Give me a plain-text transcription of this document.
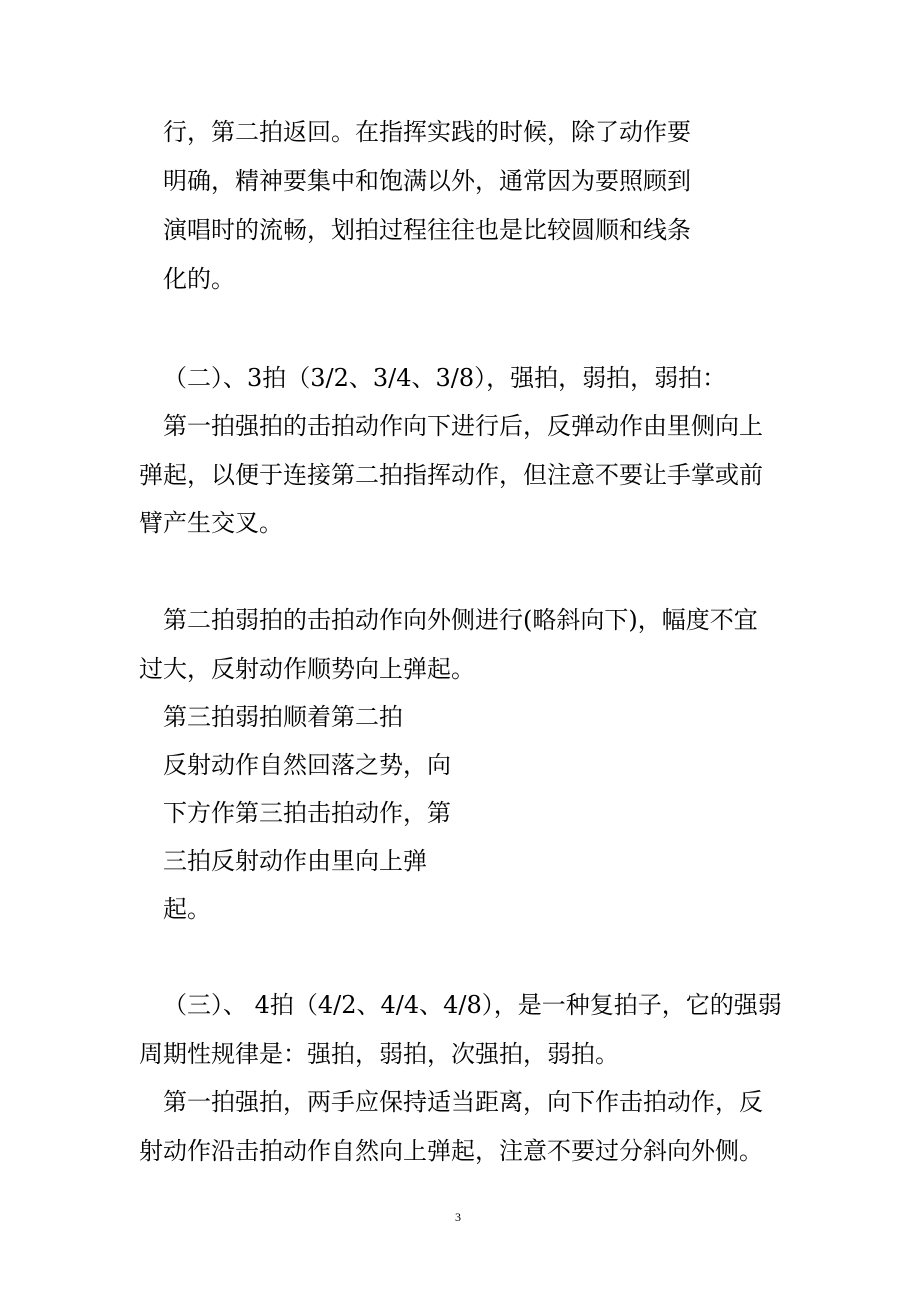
行，第二拍返回。在指挥实践的时候，除了动作要

明确，精神要集中和饱满以外，通常因为要照顾到

演唱时的流畅，划拍过程往往也是比较圆顺和线条

化的。

（二）、3拍（3/2、3/4、3/8），强拍，弱拍，弱拍：

第一拍强拍的击拍动作向下进行后，反弹动作由里侧向上

弹起，以便于连接第二拍指挥动作，但注意不要让手掌或前

臂产生交叉。

第二拍弱拍的击拍动作向外侧进行(略斜向下)，幅度不宜

过大，反射动作顺势向上弹起。

第三拍弱拍顺着第二拍

反射动作自然回落之势，向

下方作第三拍击拍动作，第

三拍反射动作由里向上弹

起。

（三）、 4拍（4/2、4/4、4/8），是一种复拍子，它的强弱

周期性规律是：强拍，弱拍，次强拍，弱拍。

第一拍强拍，两手应保持适当距离，向下作击拍动作，反

射动作沿击拍动作自然向上弹起，注意不要过分斜向外侧。

3
